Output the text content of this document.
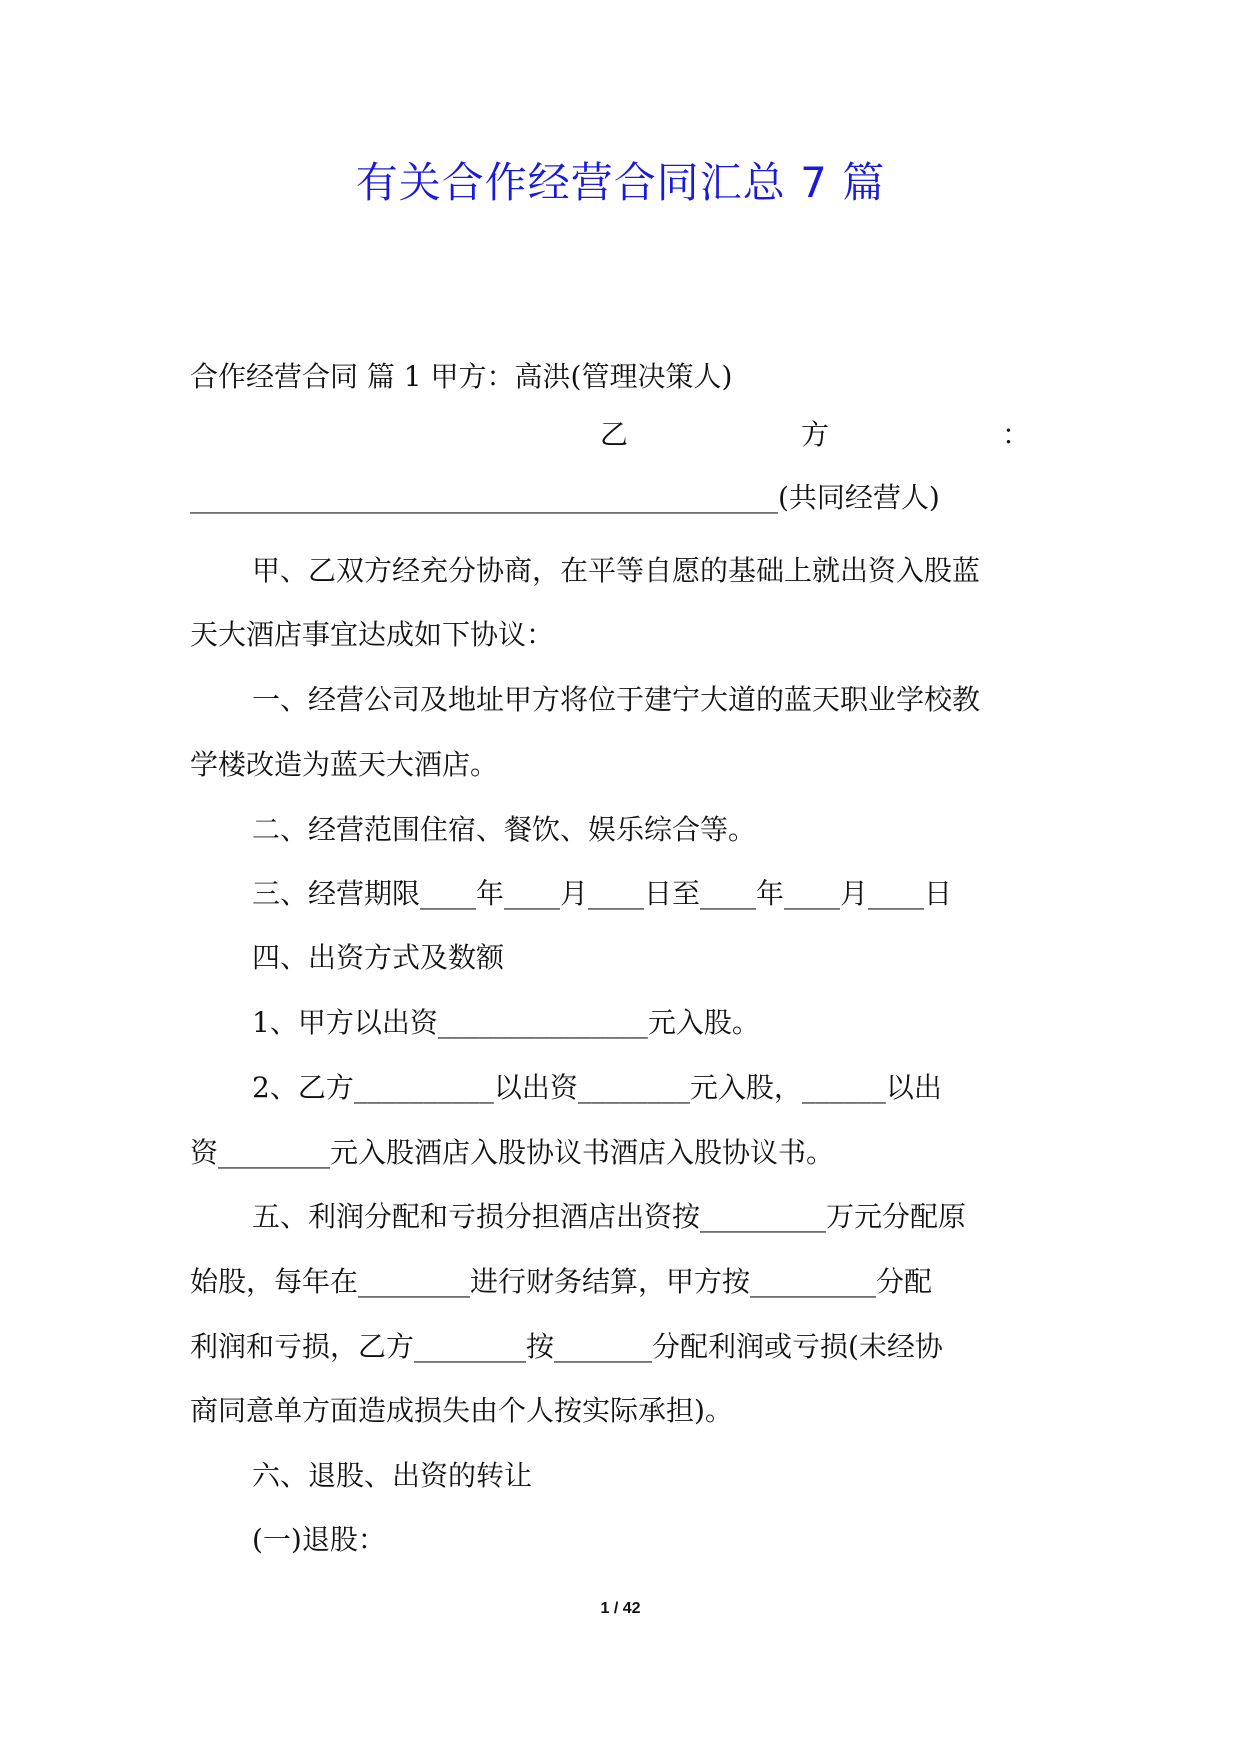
有关合作经营合同汇总 7 篇
合作经营合同 篇 1 甲方：高洪(管理决策人)
乙	方	：
__________________________________________(共同经营人)
甲、乙双方经充分协商，在平等自愿的基础上就出资入股蓝
天大酒店事宜达成如下协议：
一、经营公司及地址甲方将位于建宁大道的蓝天职业学校教
学楼改造为蓝天大酒店。
二、经营范围住宿、餐饮、娱乐综合等。
三、经营期限____年____月____日至____年____月____日
四、出资方式及数额
1、甲方以出资_______________元入股。
2、乙方__________以出资________元入股，______以出
资________元入股酒店入股协议书酒店入股协议书。
五、利润分配和亏损分担酒店出资按_________万元分配原
始股，每年在________进行财务结算，甲方按_________分配
利润和亏损，乙方________按_______分配利润或亏损(未经协
商同意单方面造成损失由个人按实际承担)。
六、退股、出资的转让
(一)退股：
1 / 42
